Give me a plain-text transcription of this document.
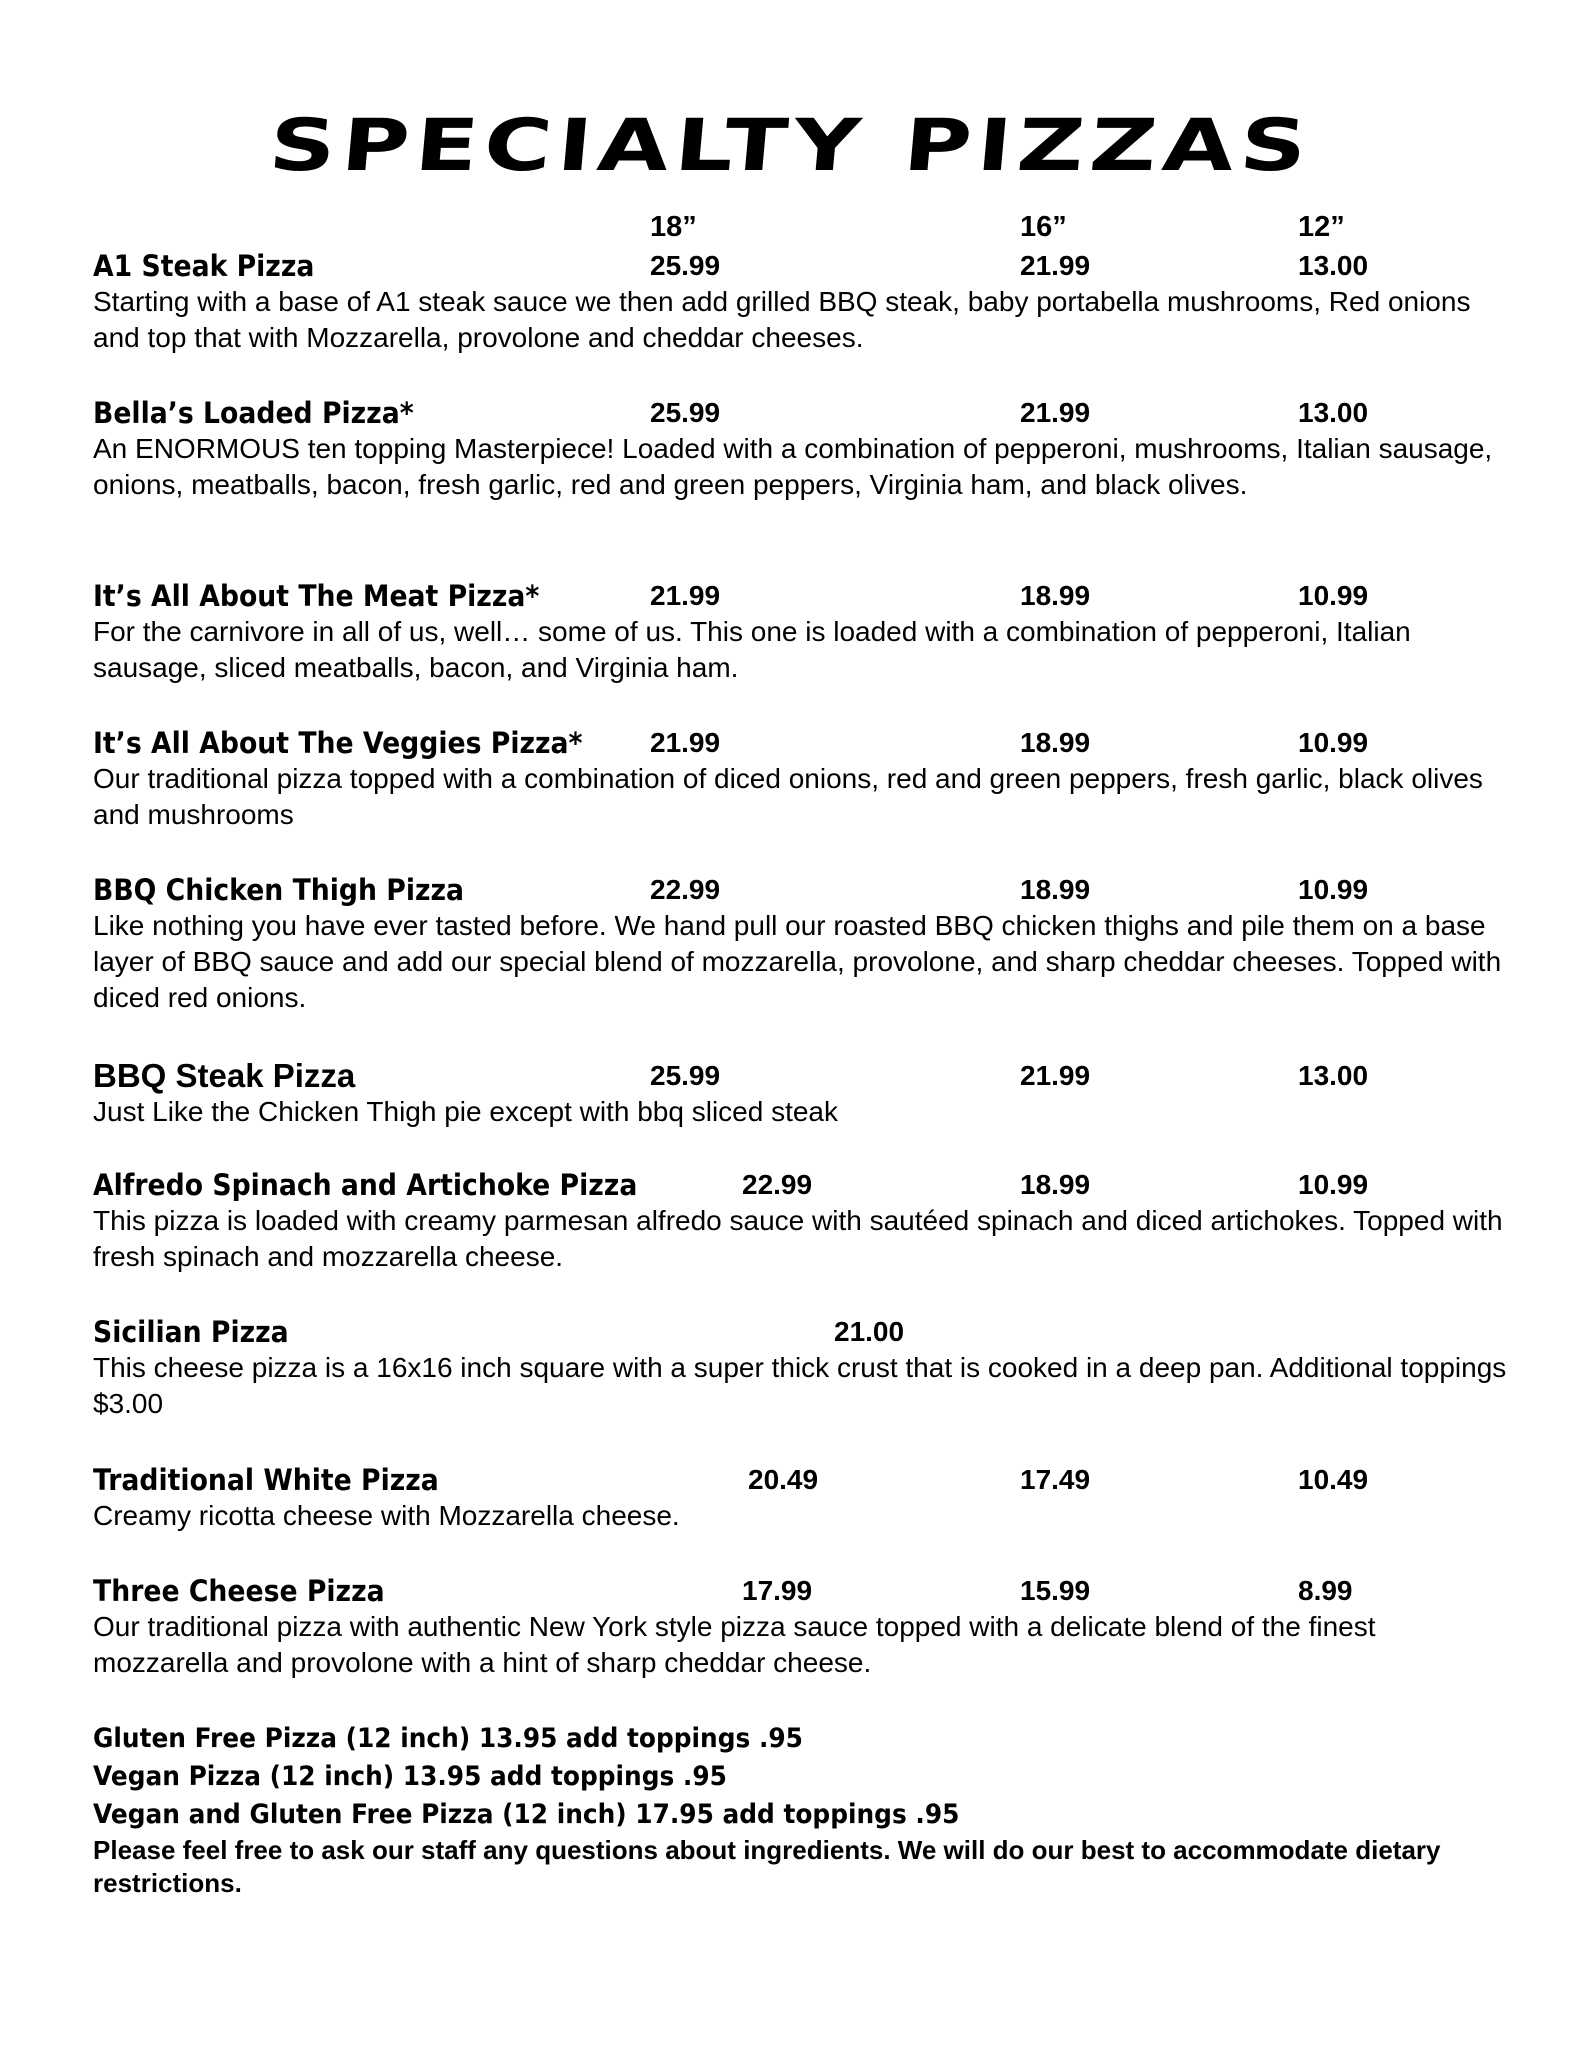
SPECIALTY PIZZAS
18”	16”	12”
A1 Steak Pizza	25.99	21.99	13.00
Starting with a base of A1 steak sauce we then add grilled BBQ steak, baby portabella mushrooms, Red onions and top that with Mozzarella, provolone and cheddar cheeses.
Bella’s Loaded Pizza*	25.99	21.99	13.00
An ENORMOUS ten topping Masterpiece! Loaded with a combination of pepperoni, mushrooms, Italian sausage, onions, meatballs, bacon, fresh garlic, red and green peppers, Virginia ham, and black olives.
It’s All About The Meat Pizza*	21.99	18.99	10.99
For the carnivore in all of us, well… some of us. This one is loaded with a combination of pepperoni, Italian sausage, sliced meatballs, bacon, and Virginia ham.
It’s All About The Veggies Pizza* 21.99	18.99	10.99
Our traditional pizza topped with a combination of diced onions, red and green peppers, fresh garlic, black olives and mushrooms
BBQ Chicken Thigh Pizza	22.99	18.99	10.99
Like nothing you have ever tasted before. We hand pull our roasted BBQ chicken thighs and pile them on a base layer of BBQ sauce and add our special blend of mozzarella, provolone, and sharp cheddar cheeses. Topped with diced red onions.
BBQ Steak Pizza	25.99	21.99	13.00
Just Like the Chicken Thigh pie except with bbq sliced steak
Alfredo Spinach and Artichoke Pizza	22.99	18.99	10.99
This pizza is loaded with creamy parmesan alfredo sauce with sautéed spinach and diced artichokes. Topped with fresh spinach and mozzarella cheese.
Sicilian Pizza	21.00
This cheese pizza is a 16x16 inch square with a super thick crust that is cooked in a deep pan. Additional toppings $3.00
Traditional White Pizza	20.49	17.49	10.49
Creamy ricotta cheese with Mozzarella cheese.
Three Cheese Pizza	17.99	15.99	8.99
Our traditional pizza with authentic New York style pizza sauce topped with a delicate blend of the finest mozzarella and provolone with a hint of sharp cheddar cheese.
Gluten Free Pizza (12 inch) 13.95 add toppings .95
Vegan Pizza (12 inch) 13.95 add toppings .95
Vegan and Gluten Free Pizza (12 inch) 17.95 add toppings .95
Please feel free to ask our staff any questions about ingredients. We will do our best to accommodate dietary restrictions.
